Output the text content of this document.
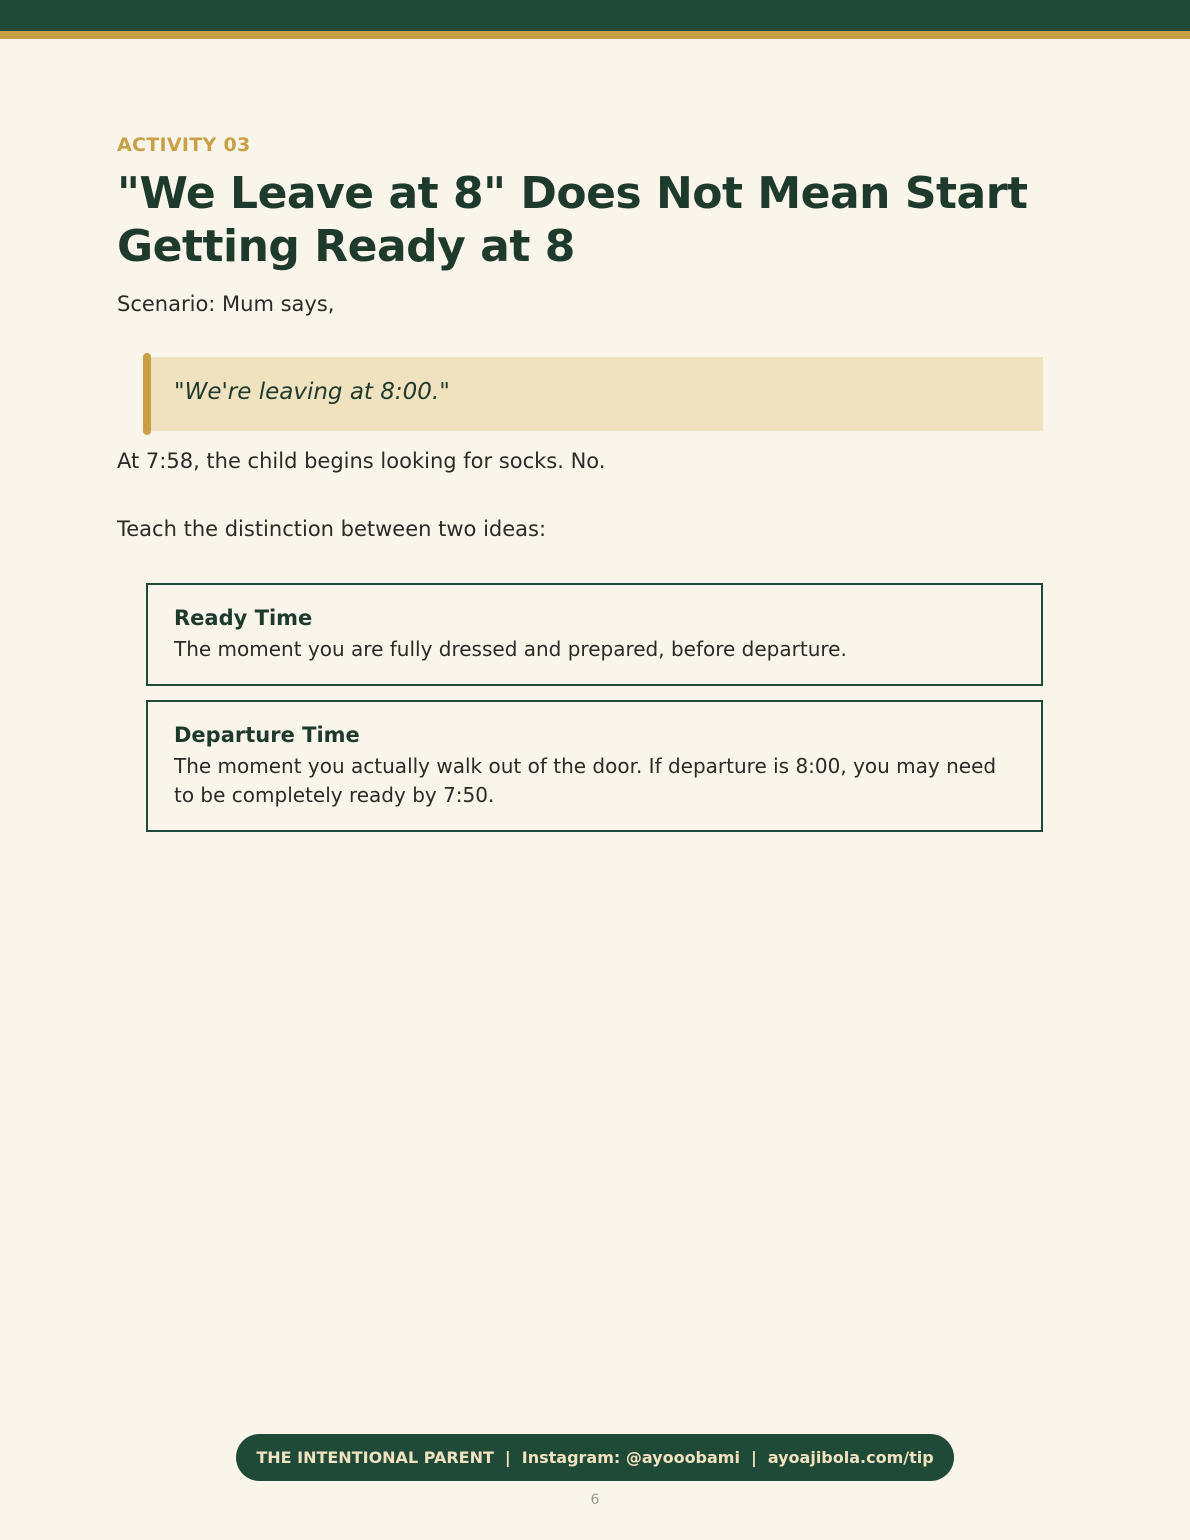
ACTIVITY 03

"We Leave at 8" Does Not Mean Start Getting Ready at 8

Scenario: Mum says,

"We're leaving at 8:00."

At 7:58, the child begins looking for socks. No.

Teach the distinction between two ideas:

Ready Time

The moment you are fully dressed and prepared, before departure.

Departure Time

The moment you actually walk out of the door. If departure is 8:00, you may need to be completely ready by 7:50.

THE INTENTIONAL PARENT | Instagram: @ayooobami | ayoajibola.com/tip
6
